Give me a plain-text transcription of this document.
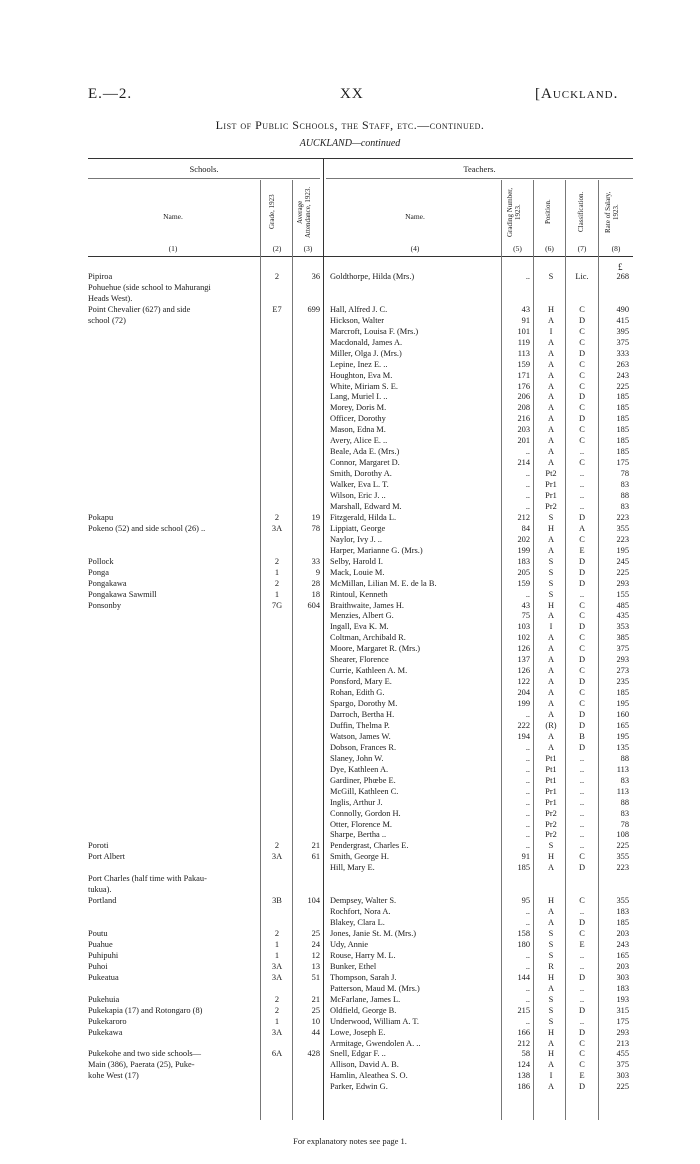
E.—2.	XX	[Auckland.
List of Public Schools, the Staff, etc.—continued.
AUCKLAND—continued
Schools.	Teachers.
Name.	Grade, 1923	Average Attendance, 1923.	Name.	Grading Number, 1923.	Position.	Classification.	Rate of Salary, 1923.
(1)	(2)	(3)	(4)	(5)	(6)	(7)	(8)
£
Pipiroa	2	36 Goldthorpe, Hilda (Mrs.)	..	S	Lic.	268
Pohuehue (side school to Mahurangi
Heads West).
Point Chevalier (627) and side	E7	699 Hall, Alfred J. C.	43	H	C	490
school (72)	Hickson, Walter	91	A	D	415
Marcroft, Louisa F. (Mrs.)	101	I	C	395
Macdonald, James A.	119	A	C	375
Miller, Olga J. (Mrs.)	113	A	D	333
Lepine, Inez E. ..	159	A	C	263
Houghton, Eva M.	171	A	C	243
White, Miriam S. E.	176	A	C	225
Lang, Muriel I. ..	206	A	D	185
Morey, Doris M.	208	A	C	185
Officer, Dorothy	216	A	D	185
Mason, Edna M.	203	A	C	185
Avery, Alice E. ..	201	A	C	185
Beale, Ada E. (Mrs.)	..	A	..	185
Connor, Margaret D.	214	A	C	175
Smith, Dorothy A.	..	Pt2	..	78
Walker, Eva L. T.	..	Pr1	..	83
Wilson, Eric J. ..	..	Pr1	..	88
Marshall, Edward M.	..	Pr2	..	83
Pokapu	2	19 Fitzgerald, Hilda L.	212	S	D	223
Pokeno (52) and side school (26) ..	3A	78 Lippiatt, George	84	H	A	355
Naylor, Ivy J. ..	202	A	C	223
Harper, Marianne G. (Mrs.)	199	A	E	195
Pollock	2	33 Selby, Harold I.	183	S	D	245
Ponga	1	9 Mack, Louie M.	205	S	D	225
Pongakawa	2	28 McMillan, Lilian M. E. de la B.	159	S	D	293
Pongakawa Sawmill	1	18 Rintoul, Kenneth	..	S	..	155
Ponsonby	7G	604 Braithwaite, James H.	43	H	C	485
Menzies, Albert G.	75	A	C	435
Ingall, Eva K. M.	103	I	D	353
Coltman, Archibald R.	102	A	C	385
Moore, Margaret R. (Mrs.)	126	A	C	375
Shearer, Florence	137	A	D	293
Currie, Kathleen A. M.	126	A	C	273
Ponsford, Mary E.	122	A	D	235
Rohan, Edith G.	204	A	C	185
Spargo, Dorothy M.	199	A	C	195
Darroch, Bertha H.	..	A	D	160
Duffin, Thelma P.	222	(R)	D	165
Watson, James W.	194	A	B	195
Dobson, Frances R.	..	A	D	135
Slaney, John W.	..	Pt1	..	88
Dye, Kathleen A.	..	Pt1	..	113
Gardiner, Phœbe E.	..	Pt1	..	83
McGill, Kathleen C.	..	Pr1	..	113
Inglis, Arthur J.	..	Pr1	..	88
Connolly, Gordon H.	..	Pr2	..	83
Otter, Florence M.	..	Pr2	..	78
Sharpe, Bertha ..	..	Pr2	..	108
Poroti	2	21 Pendergrast, Charles E.	..	S	..	225
Port Albert	3A	61 Smith, George H.	91	H	C	355
Hill, Mary E.	185	A	D	223
Port Charles (half time with Pakau-
tukua).
Portland	3B	104 Dempsey, Walter S.	95	H	C	355
Rochfort, Nora A.	..	A	..	183
Blakey, Clara L.	..	A	D	185
Poutu	2	25 Jones, Janie St. M. (Mrs.)	158	S	C	203
Puahue	1	24 Udy, Annie	180	S	E	243
Puhipuhi	1	12 Rouse, Harry M. L.	..	S	..	165
Puhoi	3A	13 Bunker, Ethel	..	R	..	203
Pukeatua	3A	51 Thompson, Sarah J.	144	H	D	303
Patterson, Maud M. (Mrs.)	..	A	..	183
Pukehuia	2	21 McFarlane, James L.	..	S	..	193
Pukekapia (17) and Rotongaro (8)	2	25 Oldfield, George B.	215	S	D	315
Pukekaroro	1	10 Underwood, William A. T.	..	S	..	175
Pukekawa	3A	44 Lowe, Joseph E.	166	H	D	293
Armitage, Gwendolen A. ..	212	A	C	213
Pukekohe and two side schools—	6A	428 Snell, Edgar F. ..	58	H	C	455
Main (386), Paerata (25), Puke-	Allison, David A. B.	124	A	C	375
kohe West (17)	Hamlin, Aleathea S. O.	138	I	E	303
Parker, Edwin G.	186	A	D	225
For explanatory notes see page 1.
